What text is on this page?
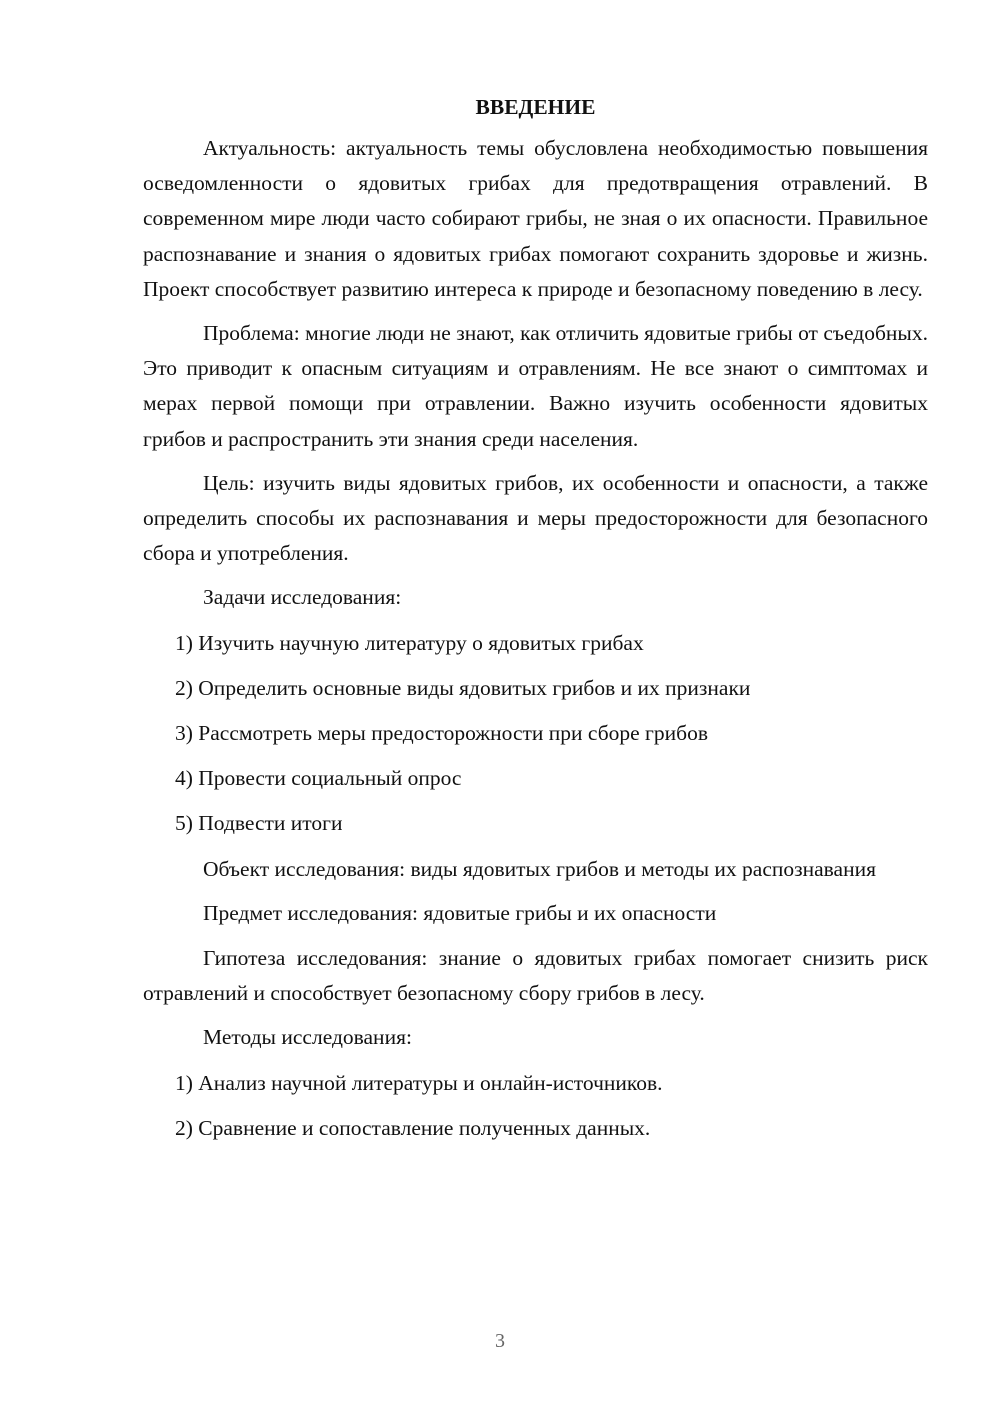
ВВЕДЕНИЕ

Актуальность: актуальность темы обусловлена необходимостью повышения осведомленности о ядовитых грибах для предотвращения отравлений. В современном мире люди часто собирают грибы, не зная о их опасности. Правильное распознавание и знания о ядовитых грибах помогают сохранить здоровье и жизнь. Проект способствует развитию интереса к природе и безопасному поведению в лесу.

Проблема: многие люди не знают, как отличить ядовитые грибы от съедобных. Это приводит к опасным ситуациям и отравлениям. Не все знают о симптомах и мерах первой помощи при отравлении. Важно изучить особенности ядовитых грибов и распространить эти знания среди населения.

Цель: изучить виды ядовитых грибов, их особенности и опасности, а также определить способы их распознавания и меры предосторожности для безопасного сбора и употребления.

Задачи исследования:

1) Изучить научную литературу о ядовитых грибах

2) Определить основные виды ядовитых грибов и их признаки

3) Рассмотреть меры предосторожности при сборе грибов

4) Провести социальный опрос

5) Подвести итоги

Объект исследования: виды ядовитых грибов и методы их распознавания

Предмет исследования: ядовитые грибы и их опасности

Гипотеза исследования: знание о ядовитых грибах помогает снизить риск отравлений и способствует безопасному сбору грибов в лесу.

Методы исследования:

1) Анализ научной литературы и онлайн-источников.

2) Сравнение и сопоставление полученных данных.

3
